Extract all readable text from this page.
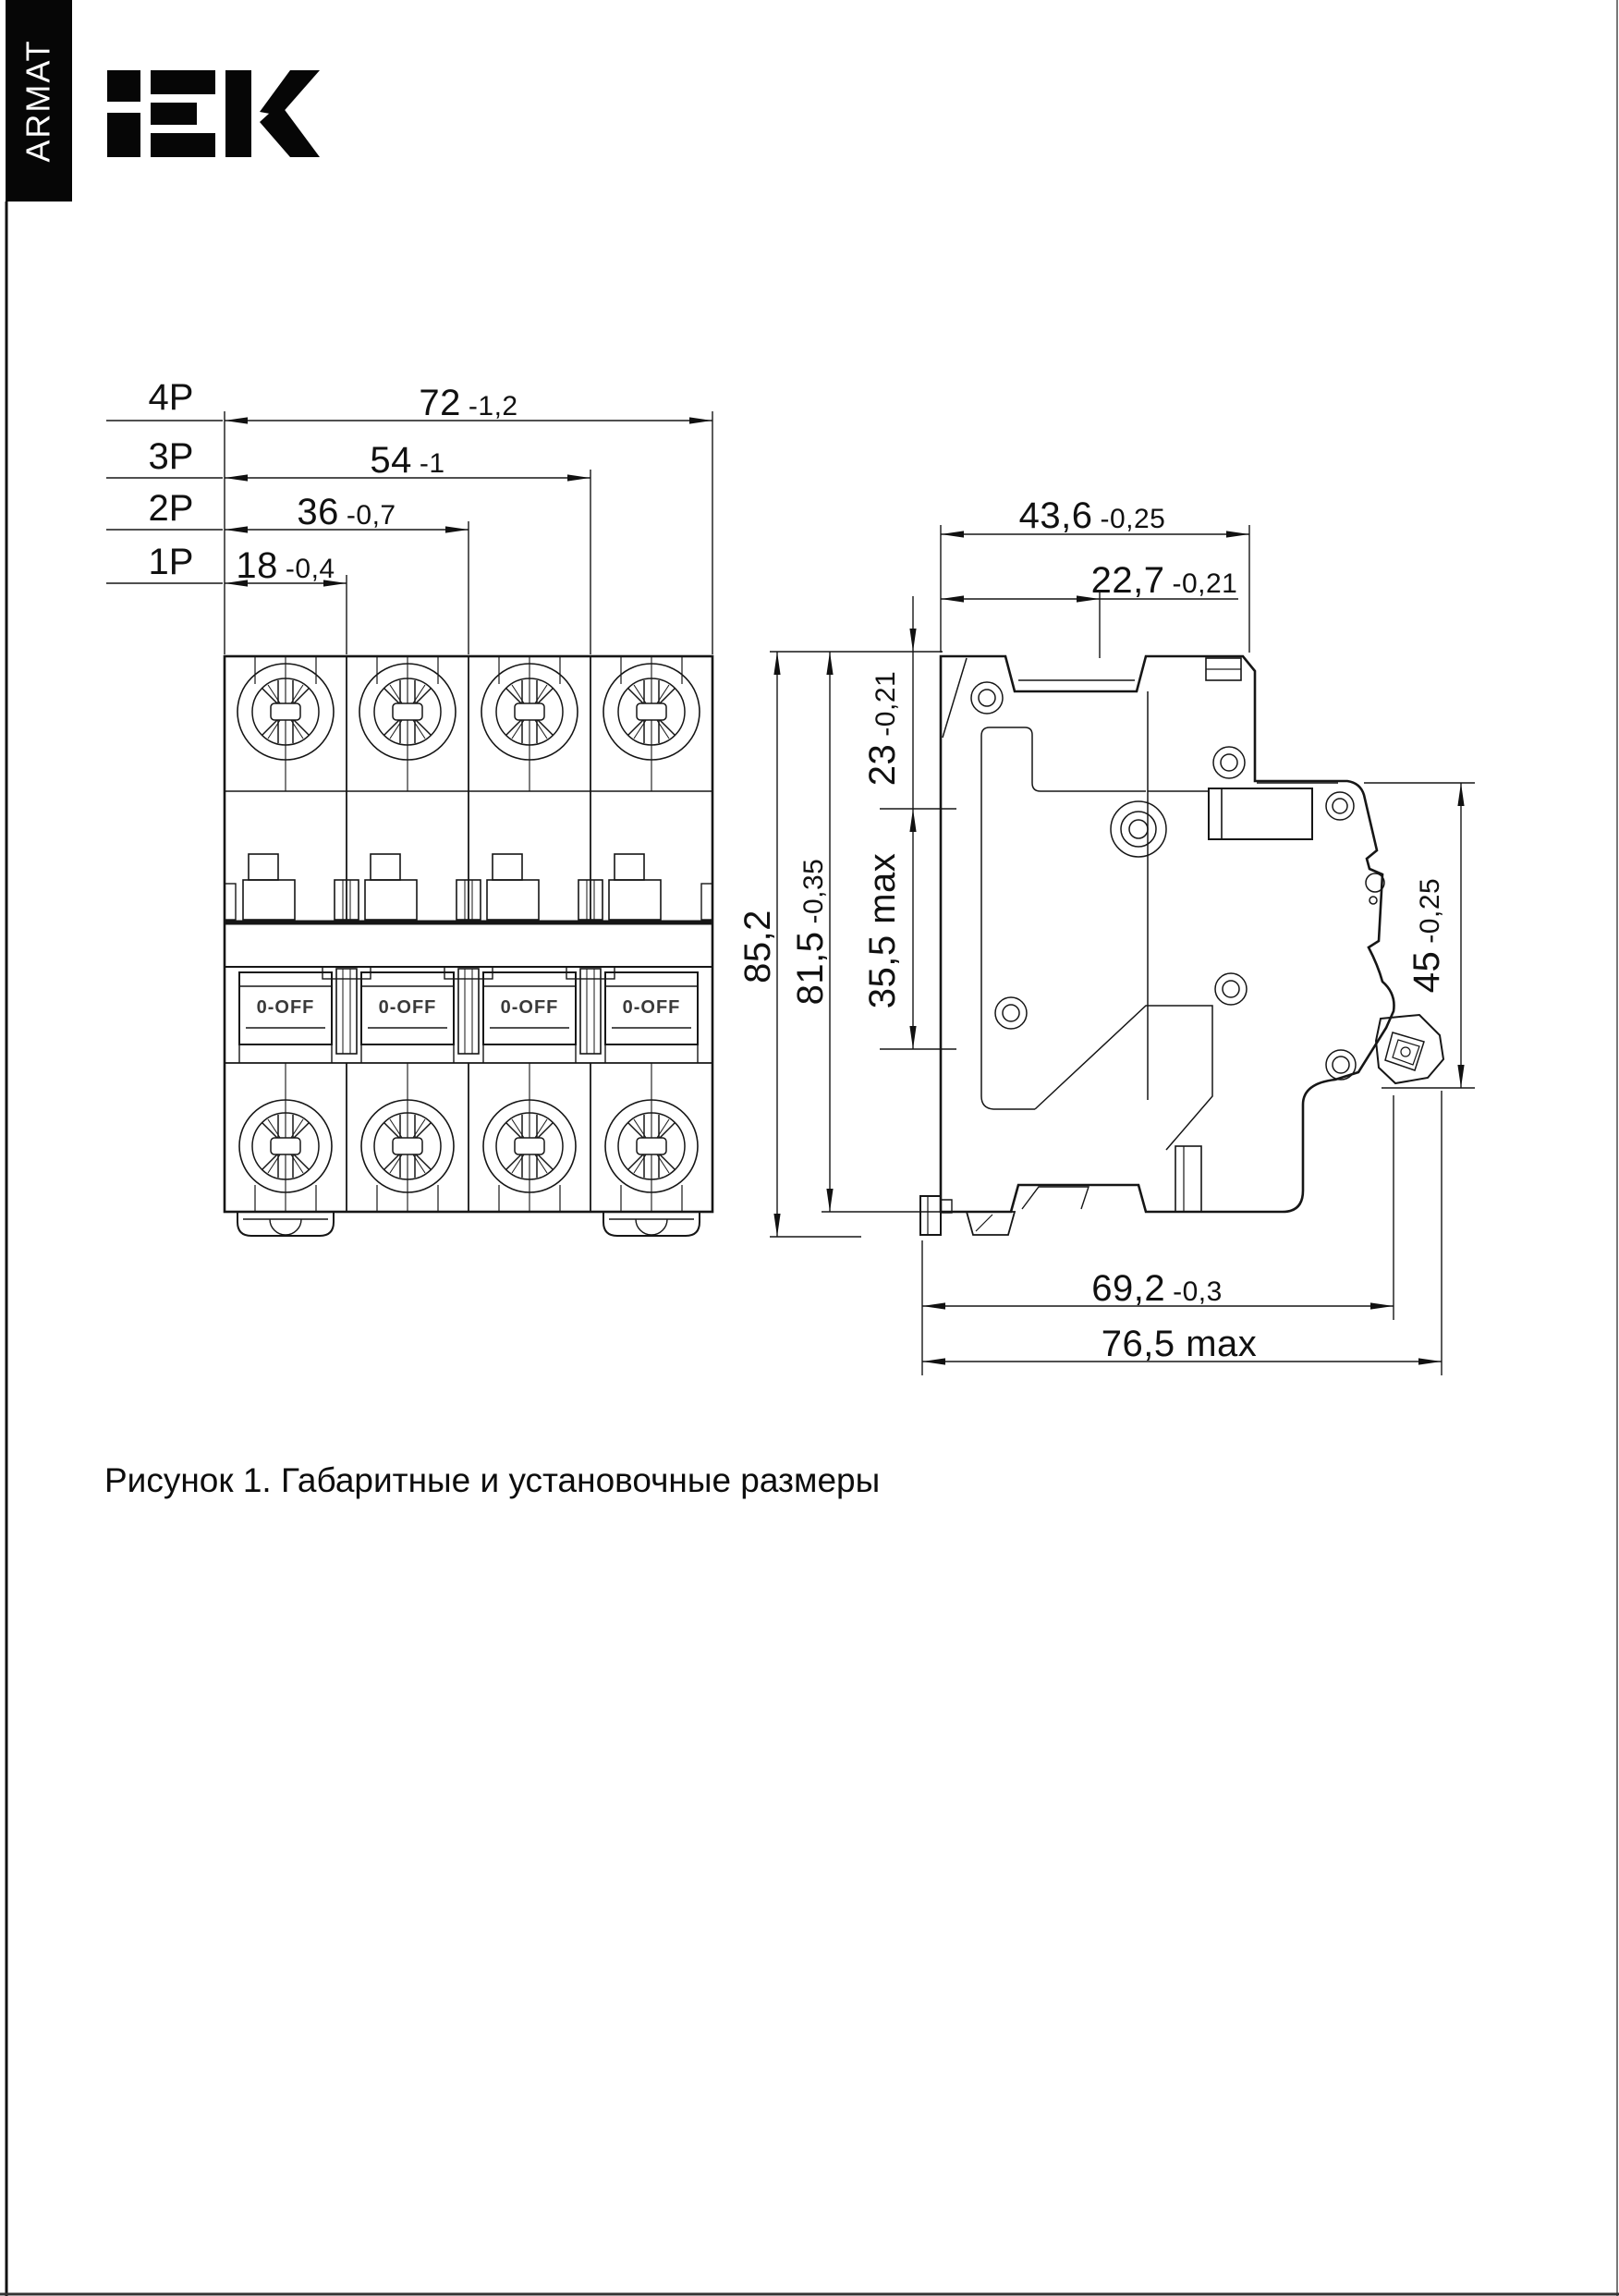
ARMAT
4P
3P
2P
1P
72 -1,2
54 -1
36 -0,7
18 -0,4
0-OFF	0-OFF	0-OFF	0-OFF
43,6 -0,25
22,7 -0,21
23-0,21
35,5 max
81,5-0,35
85,2	45-0,25
69,2 -0,3
76,5 max
Рисунок 1. Габаритные и установочные размеры
